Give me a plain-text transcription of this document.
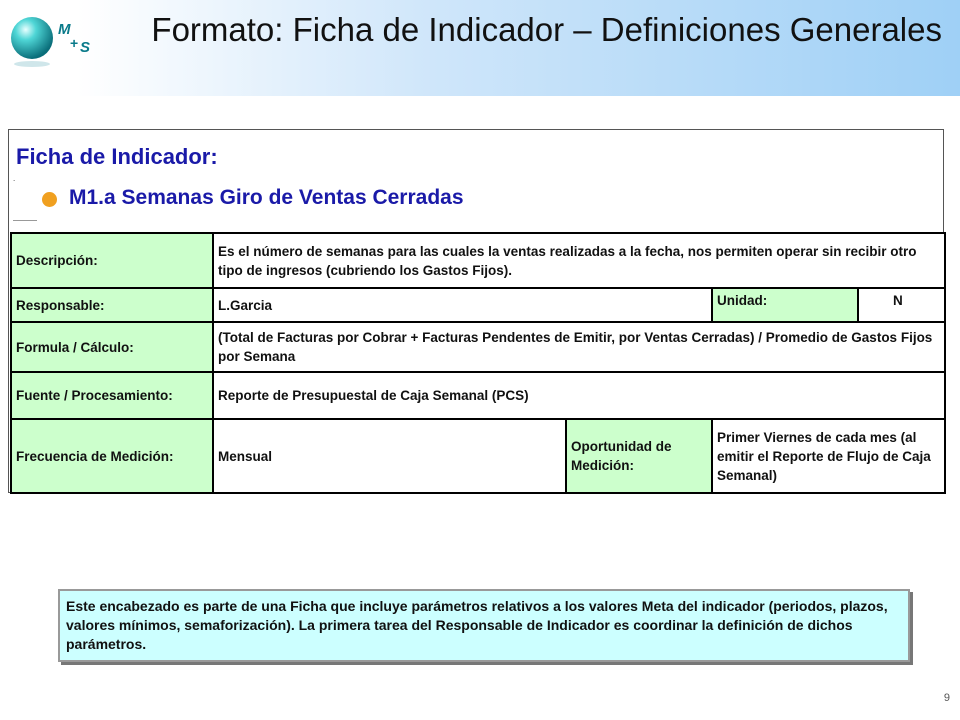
M
+ S Formato: Ficha de Indicador – Definiciones Generales
Ficha de Indicador:
.
M1.a Semanas Giro de Ventas Cerradas
Descripción:	Es el número de semanas para las cuales la ventas realizadas a la fecha, nos permiten operar sin recibir otro tipo de ingresos (cubriendo los Gastos Fijos).		
Responsable:	L.Garcia		Unidad: N

Formula / Cálculo:	(Total de Facturas por Cobrar + Facturas Pendentes de Emitir, por Ventas Cerradas) / Promedio de Gastos Fijos por Semana		
Fuente / Procesamiento:	Reporte de Presupuestal de Caja Semanal (PCS)		
Frecuencia de Medición:	Mensual	Oportunidad de Medición:	Primer Viernes de cada mes (al emitir el Reporte de Flujo de Caja Semanal)
Este encabezado es parte de una Ficha que incluye parámetros relativos a los valores Meta del indicador (periodos, plazos, valores mínimos, semaforización). La primera tarea del Responsable de Indicador es coordinar la definición de dichos parámetros.
9
